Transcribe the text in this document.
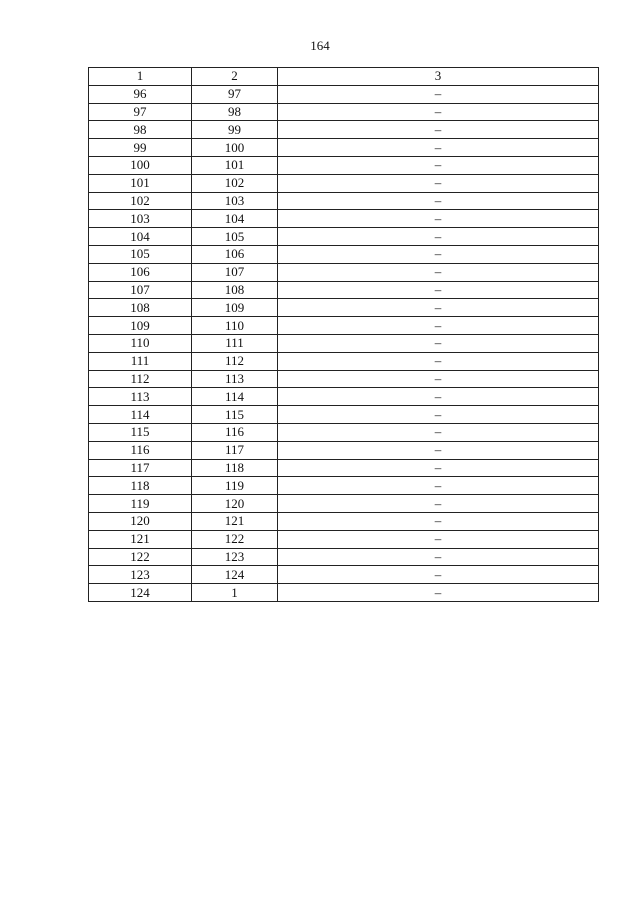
164
1	2	3
96	97	–
97	98	–
98	99	–
99	100	–
100	101	–
101	102	–
102	103	–
103	104	–
104	105	–
105	106	–
106	107	–
107	108	–
108	109	–
109	110	–
110	111	–
111	112	–
112	113	–
113	114	–
114	115	–
115	116	–
116	117	–
117	118	–
118	119	–
119	120	–
120	121	–
121	122	–
122	123	–
123	124	–
124	1	–
